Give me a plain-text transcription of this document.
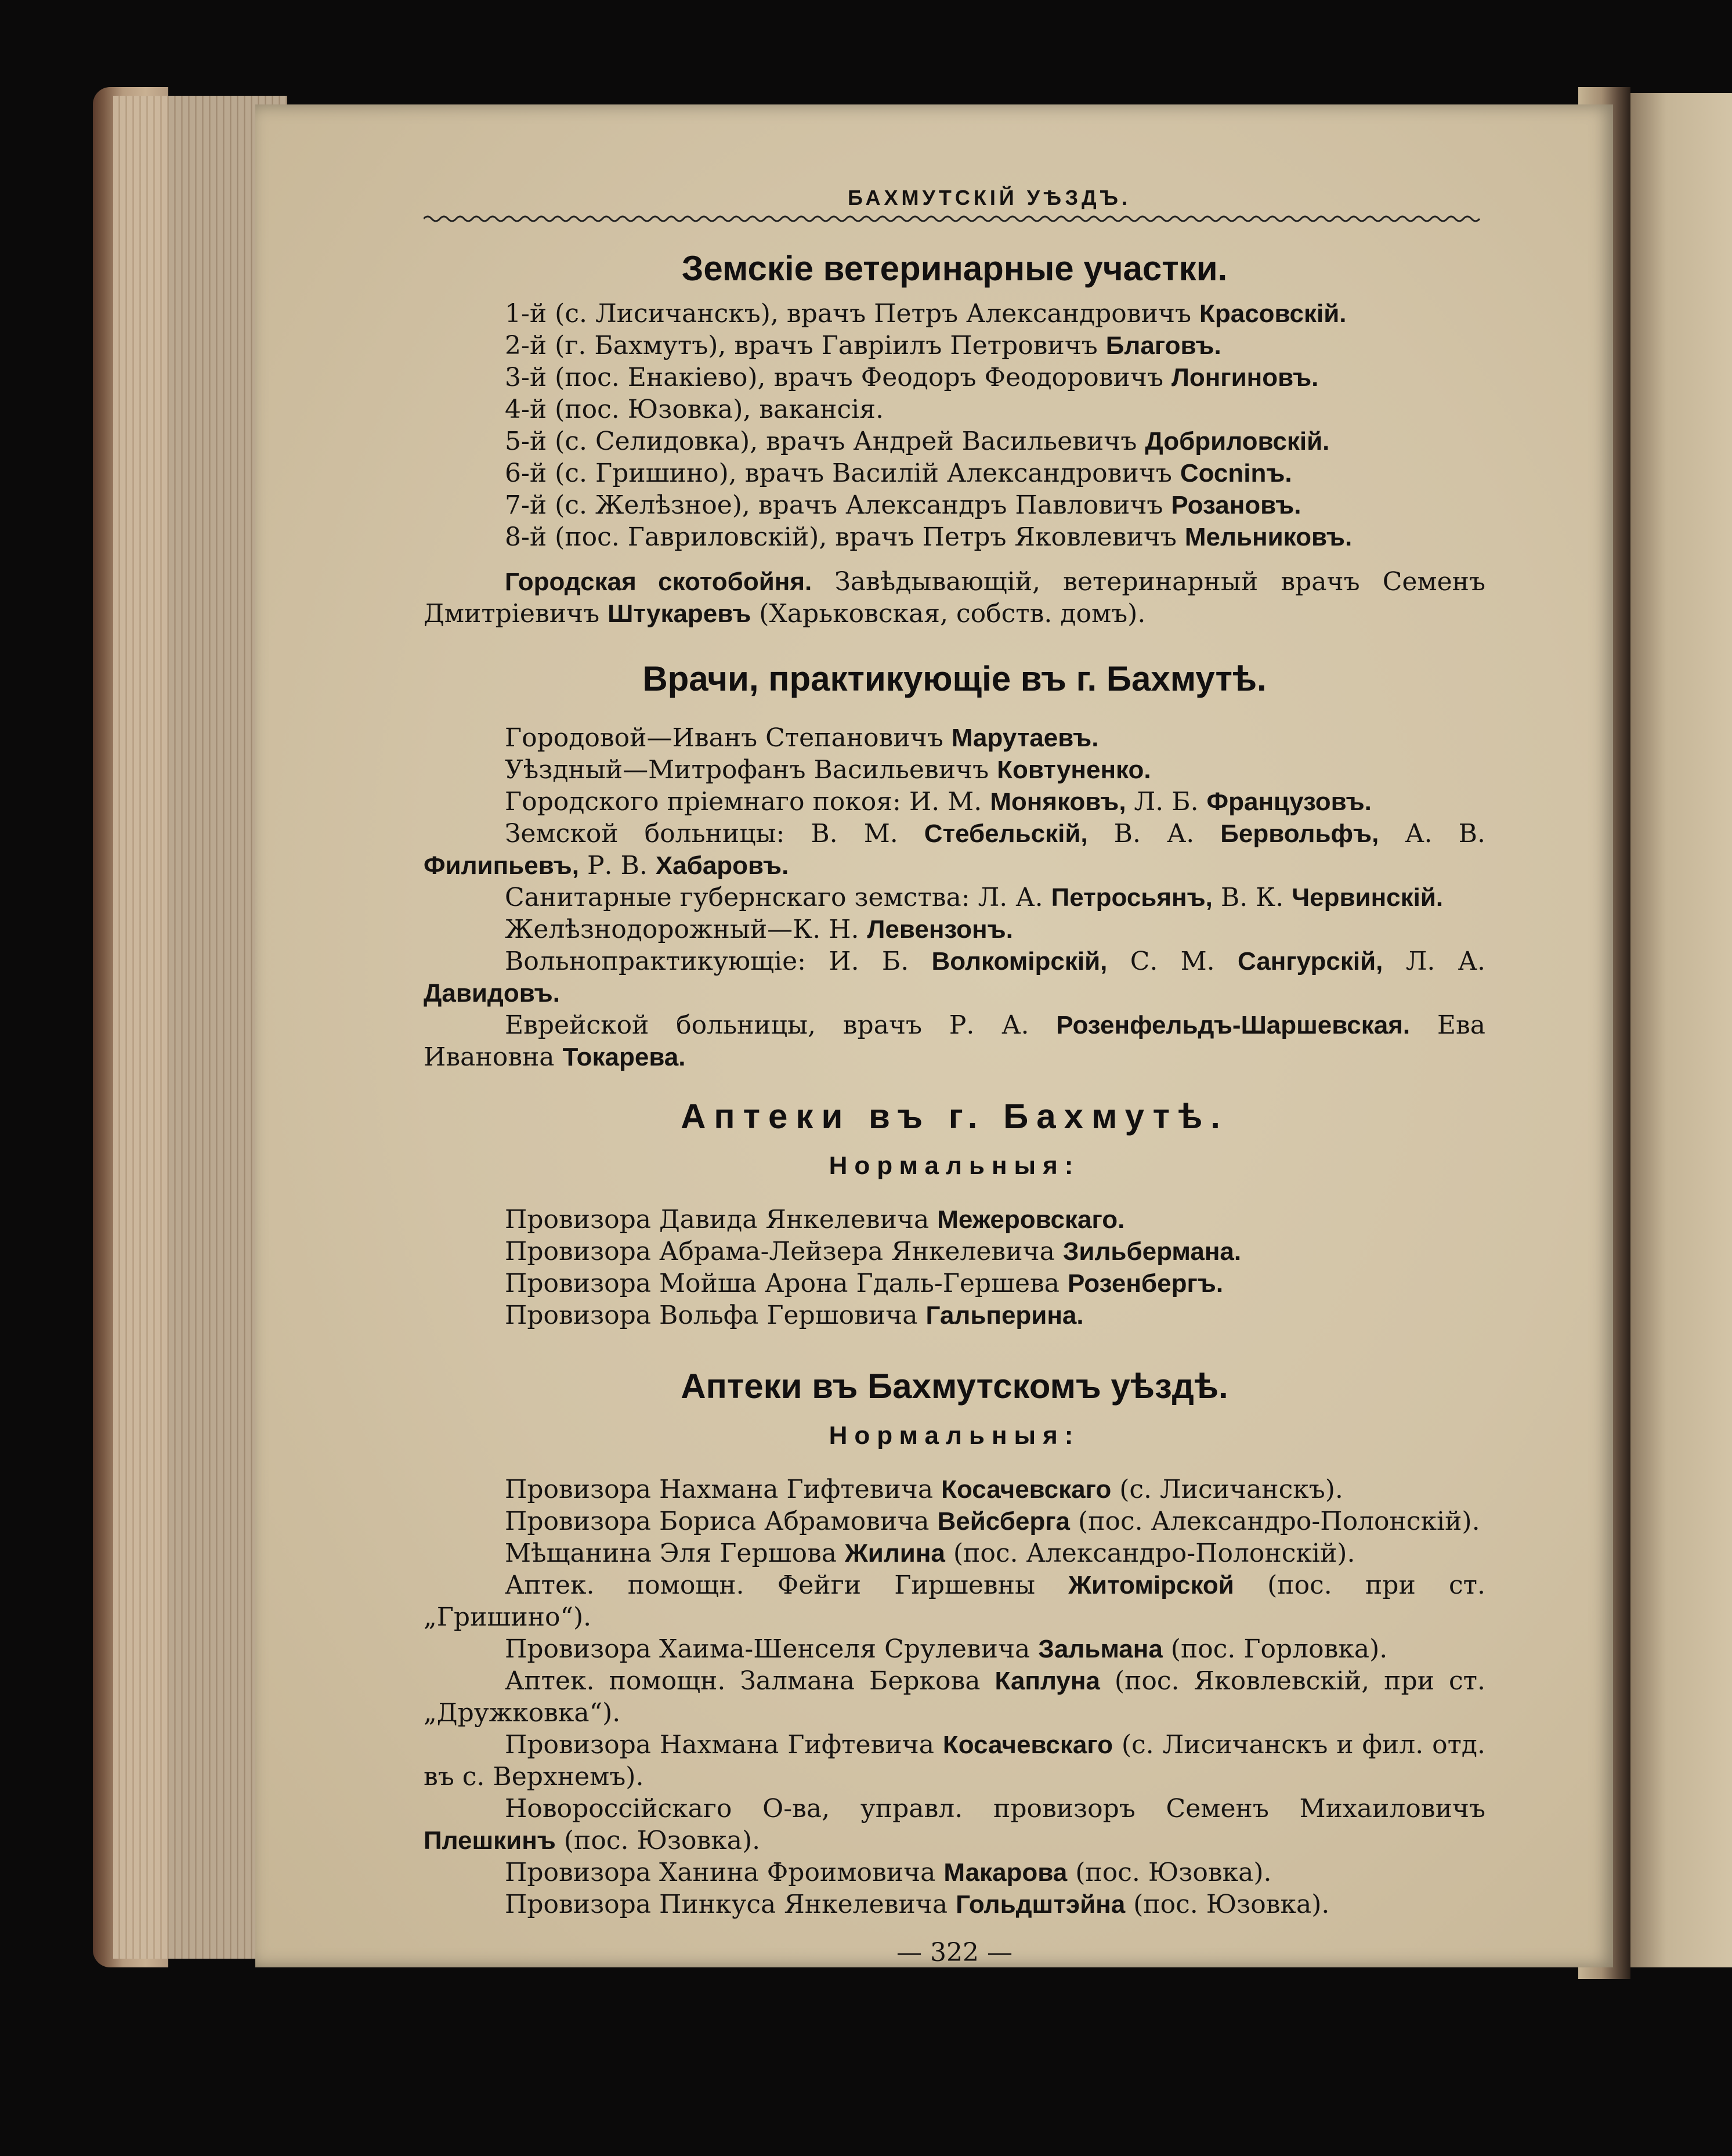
БАХМУТСКІЙ УѢЗДЪ.
Земскіе ветеринарные участки.

1-й (с. Лисичанскъ), врачъ Петръ Александровичъ Красовскій.

2-й (г. Бахмутъ), врачъ Гавріилъ Петровичъ Благовъ.

3-й (пос. Енакіево), врачъ Феодоръ Феодоровичъ Лонгиновъ.

4-й (пос. Юзовка), вакансія.

5-й (с. Селидовка), врачъ Андрей Васильевичъ Добриловскій.

6-й (с. Гришино), врачъ Василій Александровичъ Сосninъ.

7-й (с. Желѣзное), врачъ Александръ Павловичъ Розановъ.

8-й (пос. Гавриловскій), врачъ Петръ Яковлевичъ Мельниковъ.

Городская скотобойня. Завѣдывающій, ветеринарный врачъ Семенъ Дмитріевичъ Штукаревъ (Харьковская, собств. домъ).

Врачи, практикующіе въ г. Бахмутѣ.

Городовой—Иванъ Степановичъ Марутаевъ.

Уѣздный—Митрофанъ Васильевичъ Ковтуненко.

Городского пріемнаго покоя: И. М. Моняковъ, Л. Б. Французовъ.

Земской больницы: В. М. Стебельскій, В. А. Бервольфъ, А. В. Филипьевъ, Р. В. Хабаровъ.

Санитарные губернскаго земства: Л. А. Петросьянъ, В. К. Червинскій.

Желѣзнодорожный—К. Н. Левензонъ.

Вольнопрактикующіе: И. Б. Волкомірскій, С. М. Сангурскій, Л. А. Давидовъ.

Еврейской больницы, врачъ Р. А. Розенфельдъ-Шаршевская. Ева Ивановна Токарева.

Аптеки въ г. Бахмутѣ.
Нормальныя:

Провизора Давида Янкелевича Межеровскаго.

Провизора Абрама-Лейзера Янкелевича Зильбермана.

Провизора Мойша Арона Гдаль-Гершева Розенбергъ.

Провизора Вольфа Гершовича Гальперина.

Аптеки въ Бахмутскомъ уѣздѣ.
Нормальныя:

Провизора Нахмана Гифтевича Косачевскаго (с. Лисичанскъ).

Провизора Бориса Абрамовича Вейсберга (пос. Александро-Полонскій).

Мѣщанина Эля Гершова Жилина (пос. Александро-Полонскій).

Аптек. помощн. Фейги Гиршевны Житомірской (пос. при ст. „Гришино“).

Провизора Хаима-Шенселя Срулевича Зальмана (пос. Горловка).

Аптек. помощн. Залмана Беркова Каплуна (пос. Яковлевскій, при ст. „Дружковка“).

Провизора Нахмана Гифтевича Косачевскаго (с. Лисичанскъ и фил. отд. въ с. Верхнемъ).

Новороссійскаго О-ва, управл. провизоръ Семенъ Михаиловичъ Плешкинъ (пос. Юзовка).

Провизора Ханина Фроимовича Макарова (пос. Юзовка).

Провизора Пинкуса Янкелевича Гольдштэйна (пос. Юзовка).

— 322 —
